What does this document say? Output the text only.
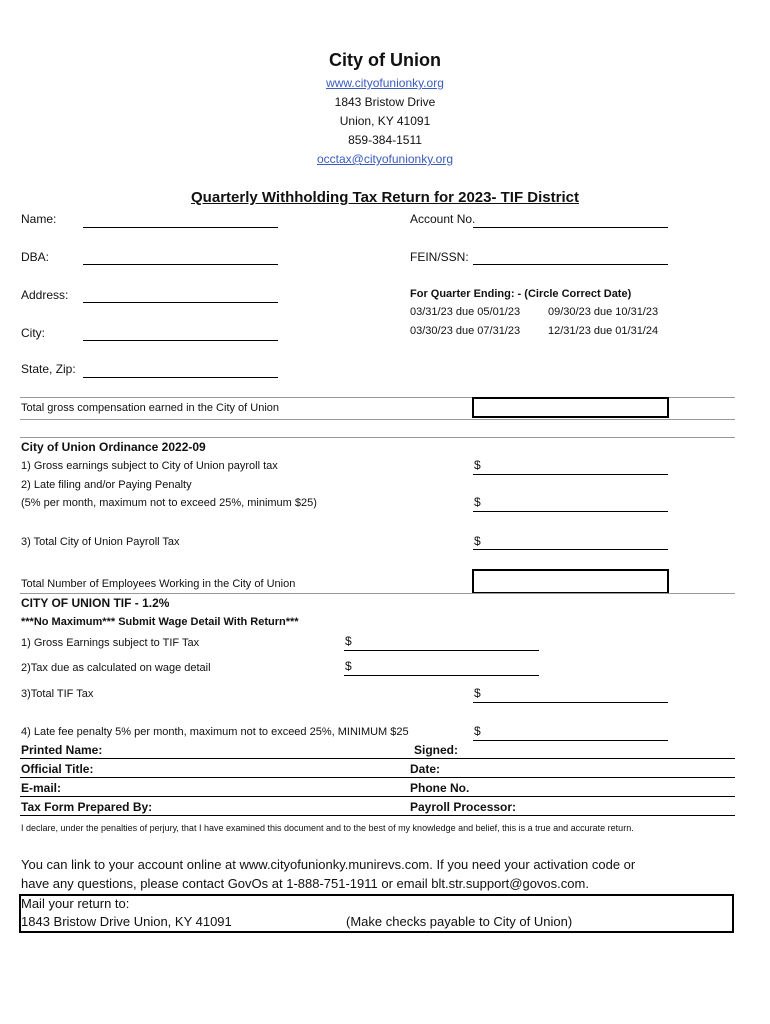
City of Union
www.cityofunionky.org
1843 Bristow Drive
Union, KY 41091
859-384-1511
occtax@cityofunionky.org
Quarterly Withholding Tax Return for 2023- TIF District
Name:
DBA:
Address:
City:
State, Zip:
Account No.
FEIN/SSN:
For Quarter Ending: - (Circle Correct Date)
03/31/23 due 05/01/23	09/30/23 due 10/31/23
03/30/23 due 07/31/23	12/31/23 due 01/31/24
Total gross compensation earned in the City of Union
City of Union Ordinance 2022-09
1) Gross earnings subject to City of Union payroll tax	$
2) Late filing and/or Paying Penalty
(5% per month, maximum not to exceed 25%, minimum $25)	$
3) Total City of Union Payroll Tax	$
Total Number of Employees Working in the City of Union
CITY OF UNION TIF - 1.2%
***No Maximum*** Submit Wage Detail With Return***
1) Gross Earnings subject to TIF Tax	$
2)Tax due as calculated on wage detail	$
3)Total TIF Tax	$
4) Late fee penalty 5% per month, maximum not to exceed 25%, MINIMUM $25	$
Printed Name:	Signed:
Official Title:	Date:
E-mail:	Phone No.
Tax Form Prepared By:	Payroll Processor:
I declare, under the penalties of perjury, that I have examined this document and to the best of my knowledge and belief, this is a true and accurate return.
You can link to your account online at www.cityofunionky.munirevs.com. If you need your activation code or
have any questions, please contact GovOs at 1-888-751-1911 or email blt.str.support@govos.com.
Mail your return to:
1843 Bristow Drive Union, KY 41091	(Make checks payable to City of Union)
